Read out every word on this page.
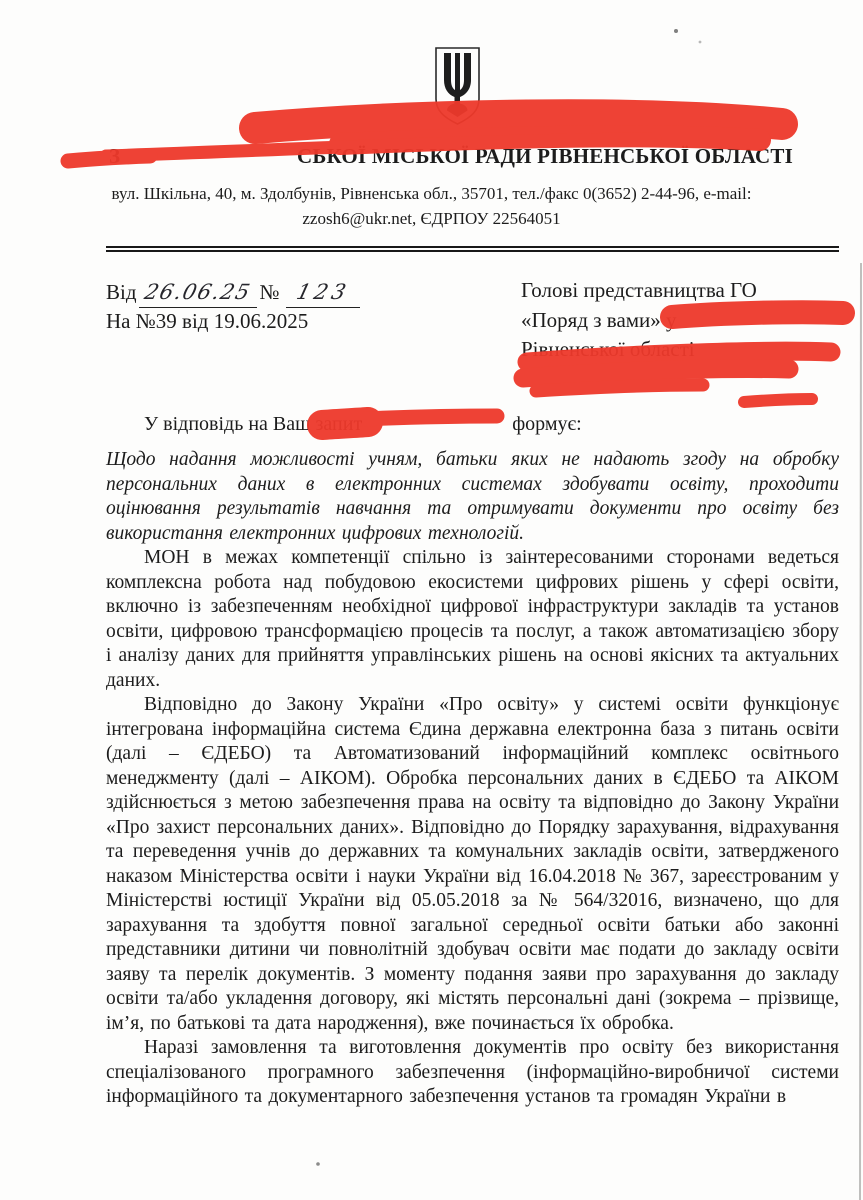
З	СЬКОЇ МІСЬКОЇ РАДИ РІВНЕНСЬКОЇ ОБЛАСТІ
вул. Шкільна, 40, м. Здолбунів, Рівненська обл., 35701, тел./факс 0(3652) 2-44-96, e-mail:
zzosh6@ukr.net, ЄДРПОУ 22564051
Від 26.06.25 № 123
На №39 від 19.06.2025
Голові представництва ГО
«Поряд з вами» у
Рівненської області
У відповідь на Ваш запит	формує:

Щодо надання можливості учням, батьки яких не надають згоду на обробку персональних даних в електронних системах здобувати освіту, проходити оцінювання результатів навчання та отримувати документи про освіту без використання електронних цифрових технологій.

МОН в межах компетенції спільно із заінтересованими сторонами ведеться комплексна робота над побудовою екосистеми цифрових рішень у сфері освіти, включно із забезпеченням необхідної цифрової інфраструктури закладів та установ освіти, цифровою трансформацією процесів та послуг, а також автоматизацією збору і аналізу даних для прийняття управлінських рішень на основі якісних та актуальних даних.

Відповідно до Закону України «Про освіту» у системі освіти функціонує інтегрована інформаційна система Єдина державна електронна база з питань освіти (далі – ЄДЕБО) та Автоматизований інформаційний комплекс освітнього менеджменту (далі – АІКОМ). Обробка персональних даних в ЄДЕБО та АІКОМ здійснюється з метою забезпечення права на освіту та відповідно до Закону України «Про захист персональних даних». Відповідно до Порядку зарахування, відрахування та переведення учнів до державних та комунальних закладів освіти, затвердженого наказом Міністерства освіти і науки України від 16.04.2018 № 367, зареєстрованим у Міністерстві юстиції України від 05.05.2018 за № 564/32016, визначено, що для зарахування та здобуття повної загальної середньої освіти батьки або законні представники дитини чи повнолітній здобувач освіти має подати до закладу освіти заяву та перелік документів. З моменту подання заяви про зарахування до закладу освіти та/або укладення договору, які містять персональні дані (зокрема – прізвище, ім’я, по батькові та дата народження), вже починається їх обробка.

Наразі замовлення та виготовлення документів про освіту без використання спеціалізованого програмного забезпечення (інформаційно-виробничої системи інформаційного та документарного забезпечення установ та громадян України в
